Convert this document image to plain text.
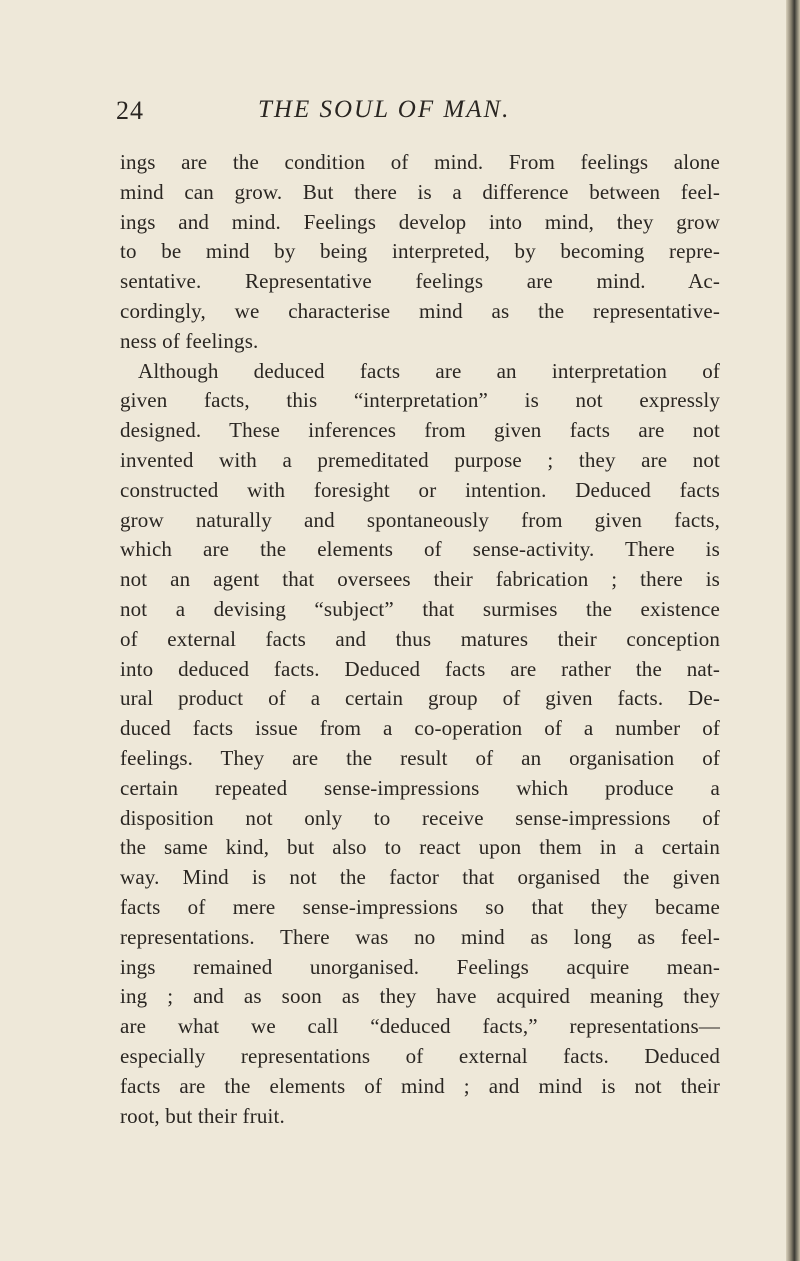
24	THE SOUL OF MAN.
ings are the condition of mind. From feelings alone
mind can grow. But there is a difference between feel-
ings and mind. Feelings develop into mind, they grow
to be mind by being interpreted, by becoming repre-
sentative. Representative feelings are mind. Ac-
cordingly, we characterise mind as the representative-
ness of feelings.
Although deduced facts are an interpretation of
given facts, this “interpretation” is not expressly
designed. These inferences from given facts are not
invented with a premeditated purpose ; they are not
constructed with foresight or intention. Deduced facts
grow naturally and spontaneously from given facts,
which are the elements of sense-activity. There is
not an agent that oversees their fabrication ; there is
not a devising “subject” that surmises the existence
of external facts and thus matures their conception
into deduced facts. Deduced facts are rather the nat-
ural product of a certain group of given facts. De-
duced facts issue from a co-operation of a number of
feelings. They are the result of an organisation of
certain repeated sense-impressions which produce a
disposition not only to receive sense-impressions of
the same kind, but also to react upon them in a certain
way. Mind is not the factor that organised the given
facts of mere sense-impressions so that they became
representations. There was no mind as long as feel-
ings remained unorganised. Feelings acquire mean-
ing ; and as soon as they have acquired meaning they
are what we call “deduced facts,” representations—
especially representations of external facts. Deduced
facts are the elements of mind ; and mind is not their
root, but their fruit.
